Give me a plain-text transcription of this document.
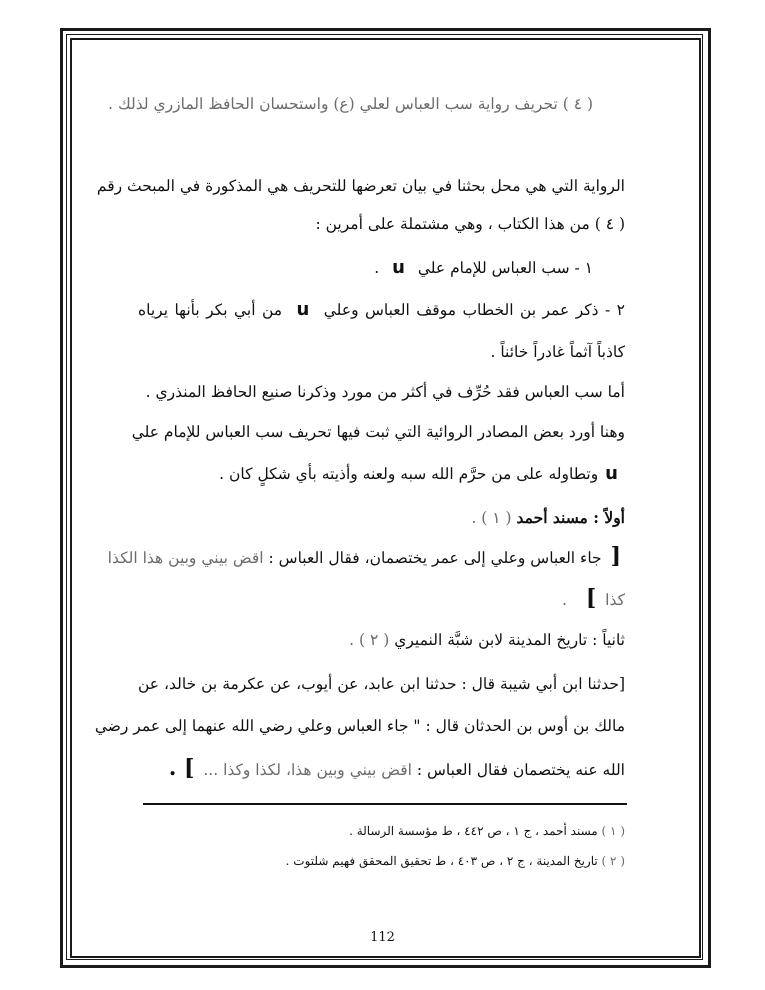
( ٤ ) تحريف رواية سب العباس لعلي (ع) واستحسان الحافظ المازري لذلك .
الرواية التي هي محل بحثنا في بيان تعرضها للتحريف هي المذكورة في المبحث رقم
( ٤ ) من هذا الكتاب ، وهي مشتملة على أمرين :
١ - سب العباس للإمام علي u .
٢ - ذكر عمر بن الخطاب موقف العباس وعلي u من أبي بكر بأنها يرياه
كاذباً آثماً غادراً خائناً .
أما سب العباس فقد حُرِّف في أكثر من مورد وذكرنا صنيع الحافظ المنذري .
وهنا أورد بعض المصادر الروائية التي ثبت فيها تحريف سب العباس للإمام علي
u وتطاوله على من حرَّم الله سبه ولعنه وأذيته بأي شكلٍ كان .
أولاً : مسند أحمد ( ١ ) .
[ جاء العباس وعلي إلى عمر يختصمان، فقال العباس : اقض بيني وبين هذا الكذا
كذا ] .
ثانياً : تاريخ المدينة لابن شبَّة النميري ( ٢ ) .
[حدثنا ابن أبي شيبة قال : حدثنا ابن عابد، عن أيوب، عن عكرمة بن خالد، عن
مالك بن أوس بن الحدثان قال : " جاء العباس وعلي رضي الله عنهما إلى عمر رضي
الله عنه يختصمان فقال العباس : اقض بيني وبين هذا، لكذا وكذا ... ] .
( ١ ) مسند أحمد ، ج ١ ، ص ٤٤٢ ، ط مؤسسة الرسالة .
( ٢ ) تاريخ المدينة ، ج ٢ ، ص ٤٠٣ ، ط تحقيق المحقق فهيم شلتوت .
112
